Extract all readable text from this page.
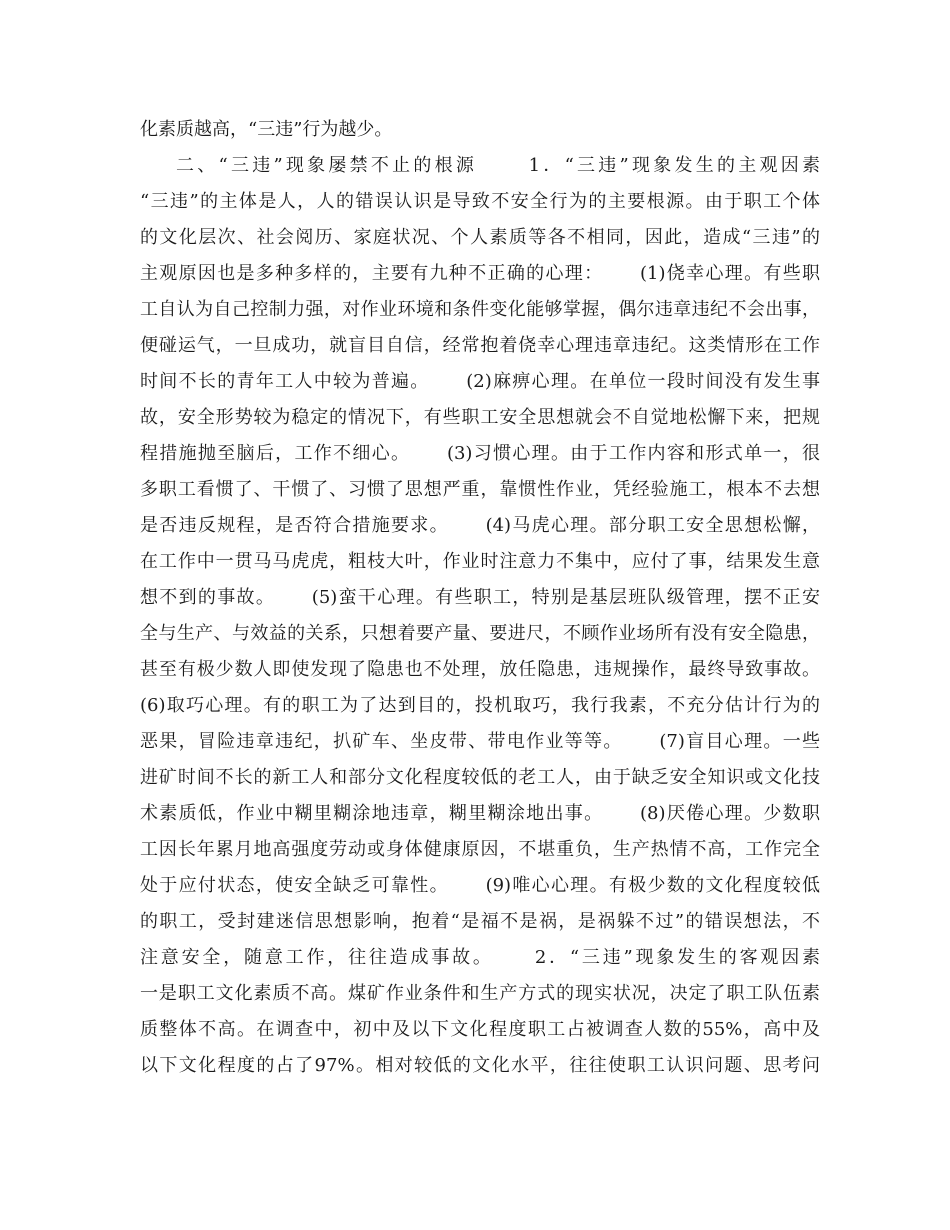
化素质越高，“三违”行为越少。
二、“三违”现象屡禁不止的根源　　 1．“三违”现象发生的主观因素
“三违”的主体是人，人的错误认识是导致不安全行为的主要根源。由于职工个体
的文化层次、社会阅历、家庭状况、个人素质等各不相同，因此，造成“三违”的
主观原因也是多种多样的，主要有九种不正确的心理：　　 (1)侥幸心理。有些职
工自认为自己控制力强，对作业环境和条件变化能够掌握，偶尔违章违纪不会出事，
便碰运气，一旦成功，就盲目自信，经常抱着侥幸心理违章违纪。这类情形在工作
时间不长的青年工人中较为普遍。　　 (2)麻痹心理。在单位一段时间没有发生事
故，安全形势较为稳定的情况下，有些职工安全思想就会不自觉地松懈下来，把规
程措施抛至脑后，工作不细心。　　 (3)习惯心理。由于工作内容和形式单一，很
多职工看惯了、干惯了、习惯了思想严重，靠惯性作业，凭经验施工，根本不去想
是否违反规程，是否符合措施要求。　　 (4)马虎心理。部分职工安全思想松懈，
在工作中一贯马马虎虎，粗枝大叶，作业时注意力不集中，应付了事，结果发生意
想不到的事故。　　 (5)蛮干心理。有些职工，特别是基层班队级管理，摆不正安
全与生产、与效益的关系，只想着要产量、要进尺，不顾作业场所有没有安全隐患，
甚至有极少数人即使发现了隐患也不处理，放任隐患，违规操作，最终导致事故。
(6)取巧心理。有的职工为了达到目的，投机取巧，我行我素，不充分估计行为的
恶果，冒险违章违纪，扒矿车、坐皮带、带电作业等等。　　 (7)盲目心理。一些
进矿时间不长的新工人和部分文化程度较低的老工人，由于缺乏安全知识或文化技
术素质低，作业中糊里糊涂地违章，糊里糊涂地出事。　　 (8)厌倦心理。少数职
工因长年累月地高强度劳动或身体健康原因，不堪重负，生产热情不高，工作完全
处于应付状态，使安全缺乏可靠性。　　 (9)唯心心理。有极少数的文化程度较低
的职工，受封建迷信思想影响，抱着“是福不是祸，是祸躲不过”的错误想法，不
注意安全，随意工作，往往造成事故。　　 2．“三违”现象发生的客观因素
一是职工文化素质不高。煤矿作业条件和生产方式的现实状况，决定了职工队伍素
质整体不高。在调查中，初中及以下文化程度职工占被调查人数的55%，高中及
以下文化程度的占了97%。相对较低的文化水平，往往使职工认识问题、思考问
